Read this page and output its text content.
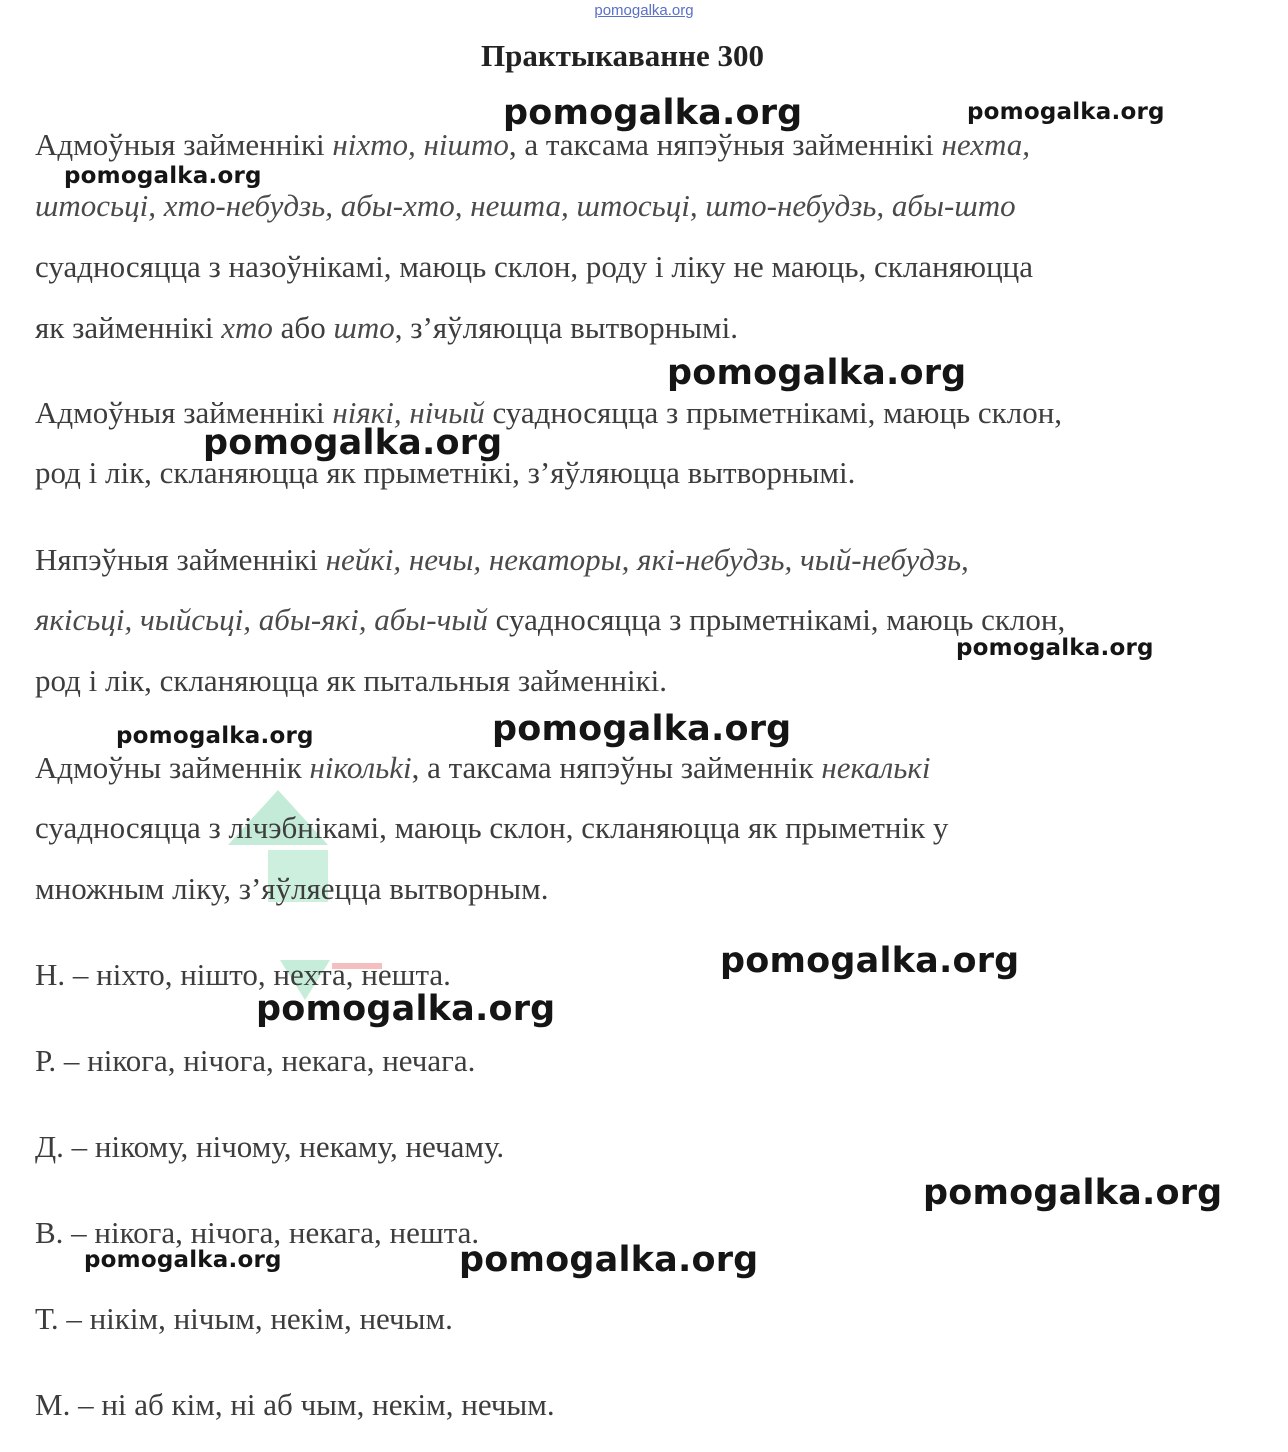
pomogalka.org
Практыкаванне 300
Адмоўныя займеннікі ніхто, нішто, а таксама няпэўныя займеннікі нехта,
штосьці, хто-небудзь, абы-хто, нешта, штосьці, што-небудзь, абы-што
суадносяцца з назоўнікамі, маюць склон, роду і ліку не маюць, скланяюцца
як займеннікі хто або што, з’яўляюцца вытворнымі.
Адмоўныя займеннікі ніякі, нічый суадносяцца з прыметнікамі, маюць склон,
род і лік, скланяюцца як прыметнікі, з’яўляюцца вытворнымі.
Няпэўныя займеннікі нейкі, нечы, некаторы, які-небудзь, чый-небудзь,
якісьці, чыйсьці, абы-які, абы-чый суадносяцца з прыметнікамі, маюць склон,
род і лік, скланяюцца як пытальныя займеннікі.
Адмоўны займеннік нікольki, а таксама няпэўны займеннік некалькі
суадносяцца з лічэбнікамі, маюць склон, скланяюцца як прыметнік у
множным ліку, з’яўляецца вытворным.
Н. – ніхто, нішто, нехта, нешта.
Р. – нікога, нічога, некага, нечага.
Д. – нікому, нічому, некаму, нечаму.
В. – нікога, нічога, некага, нешта.
Т. – нікім, нічым, некім, нечым.
М. – ні аб кім, ні аб чым, некім, нечым.
pomogalka.org	pomogalka.org
pomogalka.org
pomogalka.org
pomogalka.org
pomogalka.org
pomogalka.org	pomogalka.org
pomogalka.org
pomogalka.org
pomogalka.org
pomogalka.org	pomogalka.org
